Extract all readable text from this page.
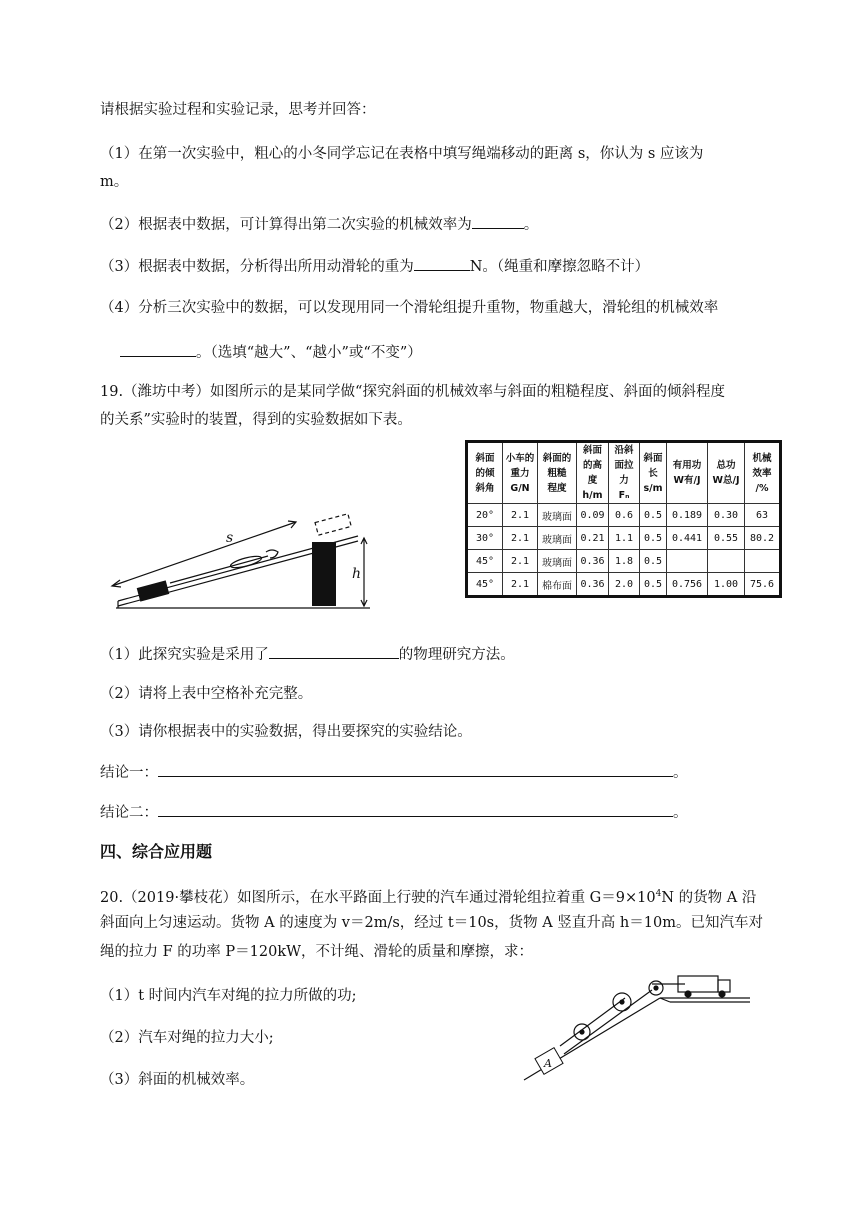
请根据实验过程和实验记录，思考并回答：
（1）在第一次实验中，粗心的小冬同学忘记在表格中填写绳端移动的距离 s，你认为 s 应该为
m。
（2）根据表中数据，可计算得出第二次实验的机械效率为	。
（3）根据表中数据，分析得出所用动滑轮的重为	N。（绳重和摩擦忽略不计）
（4）分析三次实验中的数据，可以发现用同一个滑轮组提升重物，物重越大，滑轮组的机械效率
。（选填“越大”、“越小”或“不变”）
19.（潍坊中考）如图所示的是某同学做“探究斜面的机械效率与斜面的粗糙程度、斜面的倾斜程度
的关系”实验时的装置，得到的实验数据如下表。
s
h
斜面
的倾
斜角	小车的
重力
G/N	斜面的
粗糙
程度	斜面
的高
度
h/m	沿斜
面拉
力
Fₙ	斜面
长
s/m	有用功
W有/J	总功
W总/J	机械
效率
/%
20°	2.1	玻璃面	0.09	0.6	0.5	0.189	0.30	63
30°	2.1	玻璃面	0.21	1.1	0.5	0.441	0.55	80.2
45°	2.1	玻璃面	0.36	1.8	0.5			
45°	2.1	棉布面	0.36	2.0	0.5	0.756	1.00	75.6
（1）此探究实验是采用了	的物理研究方法。
（2）请将上表中空格补充完整。
（3）请你根据表中的实验数据，得出要探究的实验结论。
结论一：	。
结论二：	。
四、综合应用题
20.（2019·攀枝花）如图所示，在水平路面上行驶的汽车通过滑轮组拉着重 $G=9\times 10^4N$ 的货物 A 沿
斜面向上匀速运动。货物 A 的速度为 v＝2m/s，经过 t＝10s，货物 A 竖直升高 h＝10m。已知汽车对
绳的拉力 F 的功率 P＝120kW，不计绳、滑轮的质量和摩擦，求：
（1）t 时间内汽车对绳的拉力所做的功;
（2）汽车对绳的拉力大小;
（3）斜面的机械效率。
A
